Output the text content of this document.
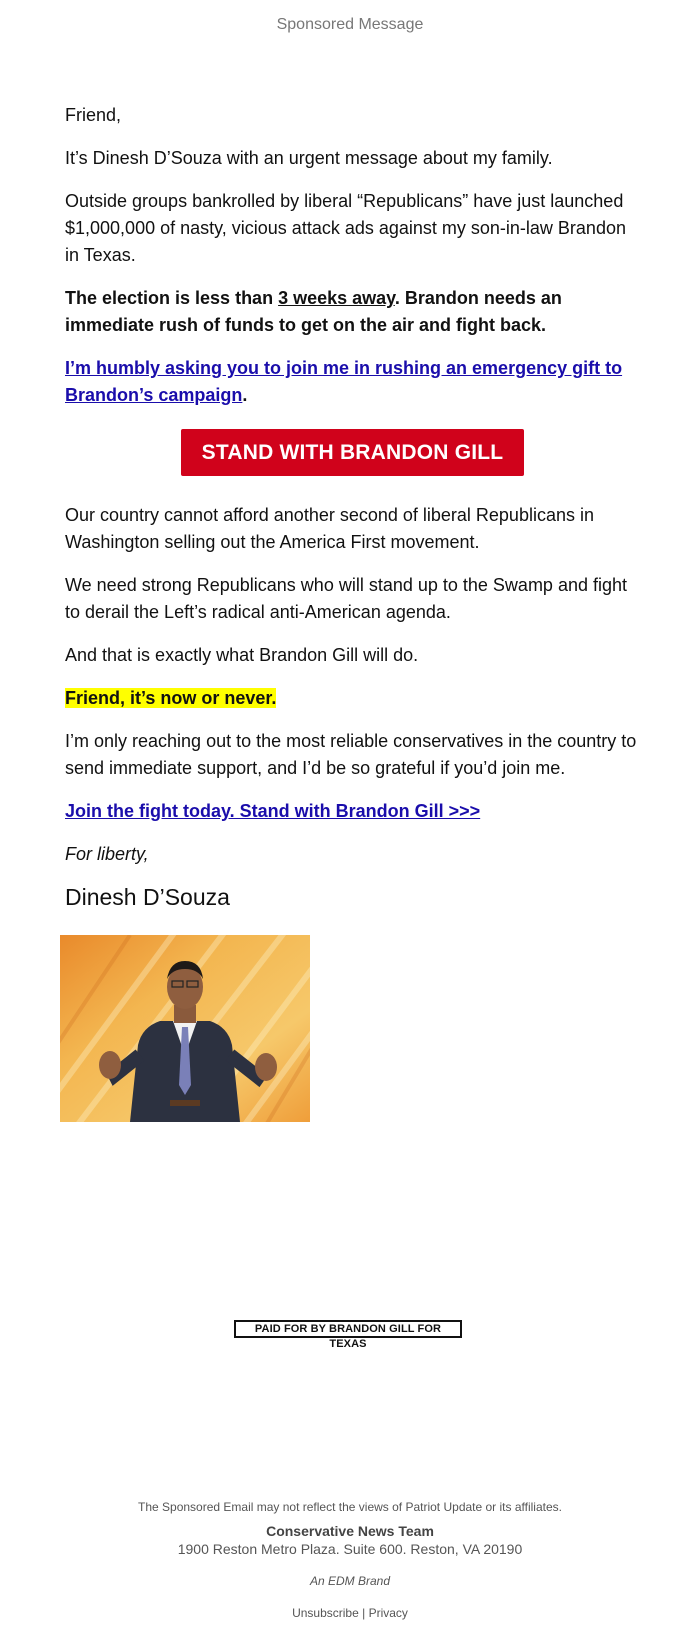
Sponsored Message

Friend,

It’s Dinesh D’Souza with an urgent message about my family.

Outside groups bankrolled by liberal “Republicans” have just launched $1,000,000 of nasty, vicious attack ads against my son-in-law Brandon in Texas.

The election is less than 3 weeks away. Brandon needs an immediate rush of funds to get on the air and fight back.

I’m humbly asking you to join me in rushing an emergency gift to Brandon’s campaign.

STAND WITH BRANDON GILL

Our country cannot afford another second of liberal Republicans in Washington selling out the America First movement.

We need strong Republicans who will stand up to the Swamp and fight to derail the Left’s radical anti-American agenda.

And that is exactly what Brandon Gill will do.

Friend, it’s now or never.

I’m only reaching out to the most reliable conservatives in the country to send immediate support, and I’d be so grateful if you’d join me.

Join the fight today. Stand with Brandon Gill >>>

For liberty,

Dinesh D’Souza
PAID FOR BY BRANDON GILL FOR TEXAS
The Sponsored Email may not reflect the views of Patriot Update or its affiliates.
Conservative News Team
1900 Reston Metro Plaza. Suite 600. Reston, VA 20190
An EDM Brand
Unsubscribe | Privacy
